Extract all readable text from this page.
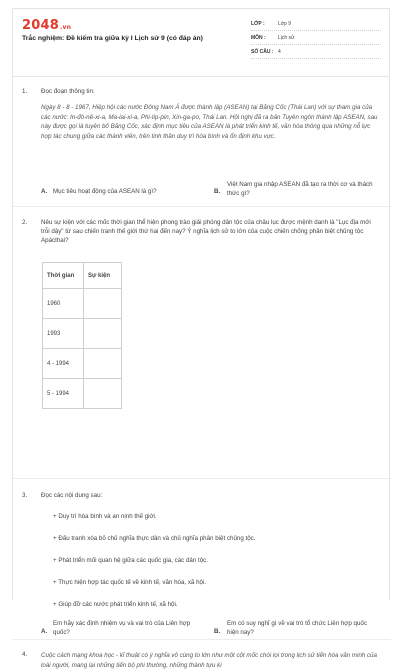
2048.vn
Trắc nghiệm: Đề kiểm tra giữa kỳ I Lịch sử 9 (có đáp án)
LỚP :	Lớp 9
MÔN :	Lịch sử
SỐ CÂU : 4
1. Đọc đoạn thông tin:
Ngày 8 - 8 - 1967, Hiệp hội các nước Đông Nam Á được thành lập (ASEAN) tại Băng Cốc (Thái Lan) với sự tham gia của các nước: In-đô-nê-xi-a, Ma-lai-xi-a, Phi-líp-pin, Xin-ga-po, Thái Lan. Hội nghị đã ra bản Tuyên ngôn thành lập ASEAN, sau này được gọi là tuyên bố Băng Cốc, xác định mục tiêu của ASEAN là phát triển kinh tế, văn hóa thông qua những nỗ lực hợp tác chung giữa các thành viên, trên tinh thần duy trì hòa bình và ổn định khu vực.
A. Mục tiêu hoạt động của ASEAN là gì?	B.
Việt Nam gia nhập ASEAN đã tạo ra thời cơ và thách thức gì?
2. Nêu sự kiện với các mốc thời gian thể hiện phong trào giải phóng dân tộc của châu lục được mệnh danh là "Lục địa mới trỗi dậy" từ sau chiến tranh thế giới thứ hai đến nay? Ý nghĩa lịch sử to lớn của cuộc chiến chống phân biệt chủng tộc Apácthai?
Thời gian	Sự kiện
1960	
1993	
4 - 1994	
5 - 1994	
3. Đọc các nội dung sau:
+ Duy trì hòa bình và an ninh thế giới.
+ Đấu tranh xóa bỏ chủ nghĩa thực dân và chủ nghĩa phân biệt chủng tộc.
+ Phát triển mối quan hệ giữa các quốc gia, các dân tộc.
+ Thực hiện hợp tác quốc tế về kinh tế, văn hóa, xã hội.
+ Giúp đỡ các nước phát triển kinh tế, xã hội.
A.
Em hãy xác định nhiệm vụ và vai trò của Liên hợp quốc?	B.
Em có suy nghĩ gì về vai trò tổ chức Liên hợp quốc hiện nay?
4. Cuộc cách mạng khoa học - kĩ thuật có ý nghĩa vô cùng to lớn như một cột mốc chói lọi trong lịch sử tiến hóa văn minh của loài người, mang lại những tiến bộ phi thường, những thành tựu kì
